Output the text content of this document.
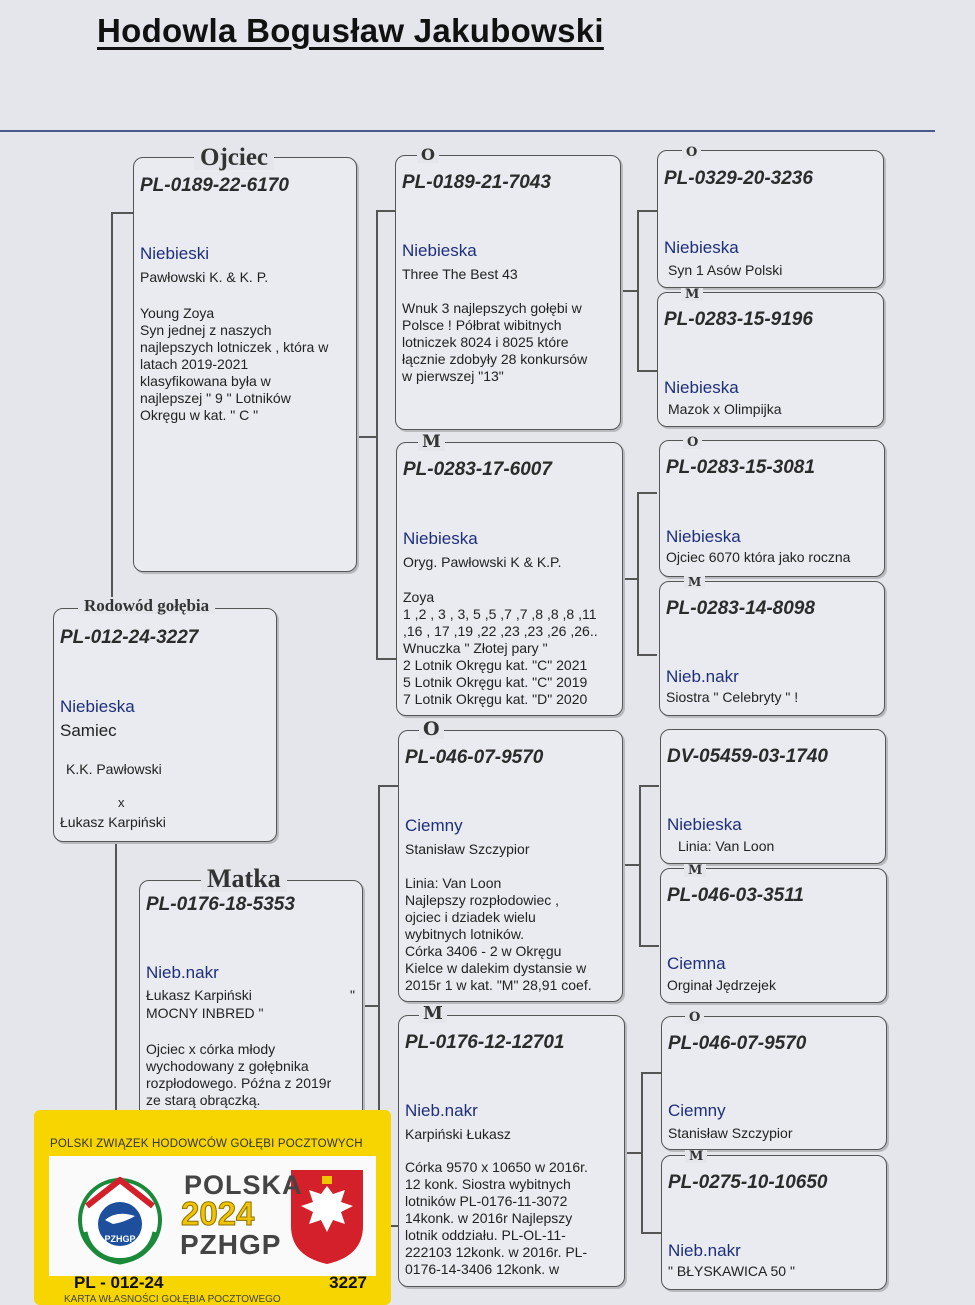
Hodowla Bogusław Jakubowski
PL-012-24-3227
Niebieska
Samiec
K.K. Pawłowski
x
Łukasz Karpiński
Rodowód gołębia
PL-0189-22-6170
Niebieski
Pawłowski K. & K. P.
Young Zoya
Syn jednej z naszych
najlepszych lotniczek , która w
latach 2019-2021
klasyfikowana była w
najlepszej " 9 " Lotników
Okręgu w kat. " C "
Ojciec
PL-0176-18-5353
Nieb.nakr
Łukasz Karpiński	"
MOCNY INBRED "
Ojciec x córka młody
wychodowany z gołębnika
rozpłodowego. Późna z 2019r
ze starą obrączką.
Matka
PL-0189-21-7043
Niebieska
Three The Best 43
Wnuk 3 najlepszych gołębi w
Polsce ! Półbrat wibitnych
lotniczek 8024 i 8025 które
łącznie zdobyły 28 konkursów
w pierwszej "13"
O
PL-0283-17-6007
Niebieska
Oryg. Pawłowski K & K.P.
Zoya
1 ,2 , 3 , 3, 5 ,5 ,7 ,7 ,8 ,8 ,8 ,11
,16 , 17 ,19 ,22 ,23 ,23 ,26 ,26..
Wnuczka " Złotej pary "
2 Lotnik Okręgu kat. "C" 2021
5 Lotnik Okręgu kat. "C" 2019
7 Lotnik Okręgu kat. "D" 2020
M
PL-046-07-9570
Ciemny
Stanisław Szczypior
Linia: Van Loon
Najlepszy rozpłodowiec ,
ojciec i dziadek wielu
wybitnych lotników.
Córka 3406 - 2 w Okręgu
Kielce w dalekim dystansie w
2015r 1 w kat. "M" 28,91 coef.
O
PL-0176-12-12701
Nieb.nakr
Karpiński Łukasz
Córka 9570 x 10650 w 2016r.
12 konk. Siostra wybitnych
lotników PL-0176-11-3072
14konk. w 2016r Najlepszy
lotnik oddziału. PL-OL-11-
222103 12konk. w 2016r. PL-
0176-14-3406 12konk. w
M
PL-0329-20-3236
Niebieska
Syn 1 Asów Polski
O
PL-0283-15-9196
Niebieska
Mazok x Olimpijka
M
PL-0283-15-3081
Niebieska
Ojciec 6070 która jako roczna
O
PL-0283-14-8098
Nieb.nakr
Siostra " Celebryty " !
M
DV-05459-03-1740
Niebieska
Linia: Van Loon
PL-046-03-3511
Ciemna
Orginał Jędrzejek
M
PL-046-07-9570
Ciemny
Stanisław Szczypior
O
PL-0275-10-10650
Nieb.nakr
" BŁYSKAWICA 50 "
M
POLSKI ZWIĄZEK HODOWCÓW GOŁĘBI POCZTOWYCH
PZHGP
POLSKA
2024
PZHGP
PL - 012-24	3227
KARTA WŁASNOŚCI GOŁĘBIA POCZTOWEGO
